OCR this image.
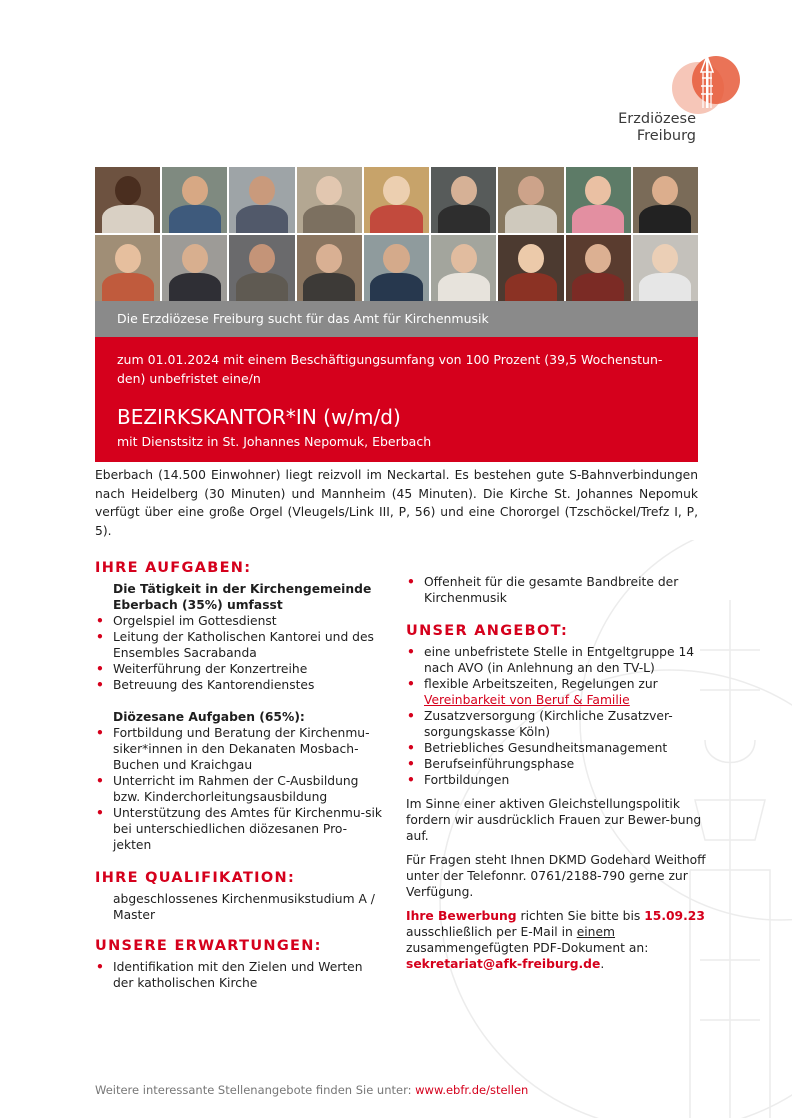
Erzdiözese
Freiburg
Die Erzdiözese Freiburg sucht für das Amt für Kirchenmusik
zum 01.01.2024 mit einem Beschäftigungsumfang von 100 Prozent (39,5 Wochenstun-den) unbefristet eine/n
BEZIRKSKANTOR*IN (w/m/d)
mit Dienstsitz in St. Johannes Nepomuk, Eberbach
Eberbach (14.500 Einwohner) liegt reizvoll im Neckartal. Es bestehen gute S-Bahnverbindungen nach Heidelberg (30 Minuten) und Mannheim (45 Minuten). Die Kirche St. Johannes Nepomuk verfügt über eine große Orgel (Vleugels/Link III, P, 56) und eine Chororgel (Tzschöckel/Trefz I, P, 5).
IHRE AUFGABEN:

Die Tätigkeit in der Kirchengemeinde Eberbach (35%) umfasst

• Orgelspiel im Gottesdienst
• Leitung der Katholischen Kantorei und des Ensembles Sacrabanda
• Weiterführung der Konzertreihe
• Betreuung des Kantorendienstes

Diözesane Aufgaben (65%):

• Fortbildung und Beratung der Kirchenmu-siker*innen in den Dekanaten Mosbach-Buchen und Kraichgau
• Unterricht im Rahmen der C-Ausbildung bzw. Kinderchorleitungsausbildung
• Unterstützung des Amtes für Kirchenmu-sik bei unterschiedlichen diözesanen Pro-jekten
IHRE QUALIFIKATION:

abgeschlossenes Kirchenmusikstudium A / Master

UNSERE ERWARTUNGEN:
• Identifikation mit den Zielen und Werten der katholischen Kirche
• Offenheit für die gesamte Bandbreite der Kirchenmusik
UNSER ANGEBOT:
• eine unbefristete Stelle in Entgeltgruppe 14 nach AVO (in Anlehnung an den TV-L)
• flexible Arbeitszeiten, Regelungen zur
Vereinbarkeit von Beruf & Familie
• Zusatzversorgung (Kirchliche Zusatzver-sorgungskasse Köln)
• Betriebliches Gesundheitsmanagement
• Berufseinführungsphase
• Fortbildungen

Im Sinne einer aktiven Gleichstellungspolitik fordern wir ausdrücklich Frauen zur Bewer-bung auf.

Für Fragen steht Ihnen DKMD Godehard Weithoff unter der Telefonnr. 0761/2188-790 gerne zur Verfügung.

Ihre Bewerbung richten Sie bitte bis 15.09.23 ausschließlich per E-Mail in einem zusammengefügten PDF-Dokument an: sekretariat@afk-freiburg.de.

Weitere interessante Stellenangebote finden Sie unter: www.ebfr.de/stellen
